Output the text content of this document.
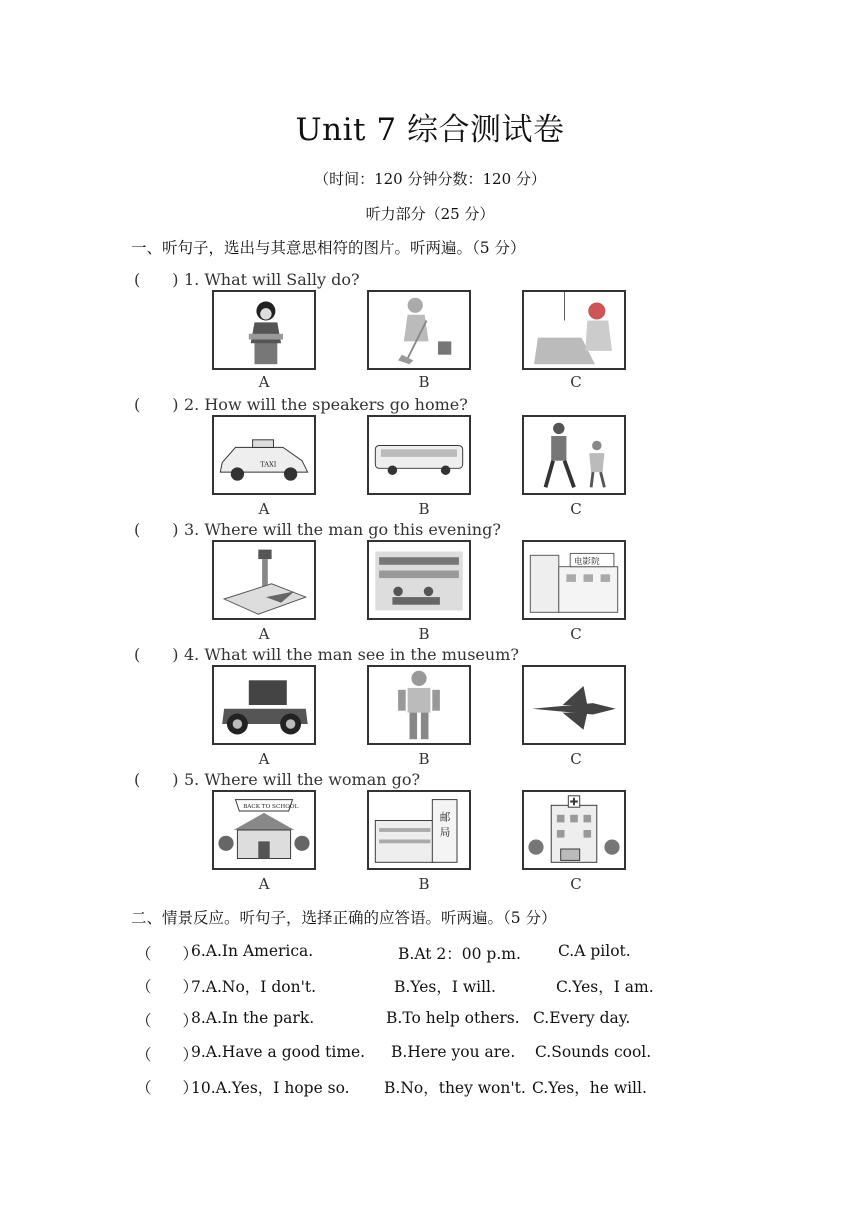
Unit 7 综合测试卷
（时间：120 分钟分数：120 分）
听力部分（25 分）
一、听句子，选出与其意思相符的图片。听两遍。（5 分）
(　　) 1. What will Sally do?
A	B	C
(　　) 2. How will the speakers go home?
TAXI
A	B	C
(　　) 3. Where will the man go this evening?
电影院
A	B	C
(　　) 4. What will the man see in the museum?
A	B	C
(　　) 5. Where will the woman go?
BACK TO SCHOOL
邮
局
A	B	C
二、情景反应。听句子，选择正确的应答语。听两遍。（5 分）
（　　）
6.A.In America.	B.At 2：00 p.m. C.A pilot.
（　　）
7.A.No，I don't.	B.Yes，I will.	C.Yes，I am.
（　　）
8.A.In the park.	B.To help others. C.Every day.
（　　）
9.A.Have a good time. B.Here you are. C.Sounds cool.
（　　）
10.A.Yes，I hope so. B.No，they won't. C.Yes，he will.
